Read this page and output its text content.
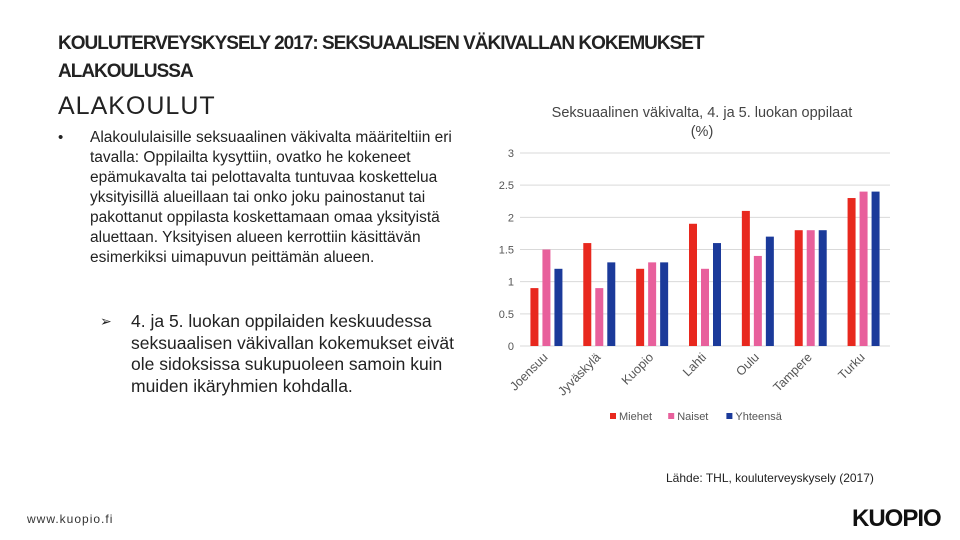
KOULUTERVEYSKYSELY 2017: SEKSUAALISEN VÄKIVALLAN KOKEMUKSET ALAKOULUSSA
ALAKOULUT
• Alakoululaisille seksuaalinen väkivalta määriteltiin eri tavalla: Oppilailta kysyttiin, ovatko he kokeneet epämukavalta tai pelottavalta tuntuvaa koskettelua yksityisillä alueillaan tai onko joku painostanut tai pakottanut oppilasta koskettamaan omaa yksityistä aluettaan. Yksityisen alueen kerrottiin käsittävän esimerkiksi uimapuvun peittämän alueen.
➢ 4. ja 5. luokan oppilaiden keskuudessa seksuaalisen väkivallan kokemukset eivät ole sidoksissa sukupuoleen samoin kuin muiden ikäryhmien kohdalla.
Seksuaalinen väkivalta, 4. ja 5. luokan oppilaat (%)
0
0.5
1
1.5
2
2.5
3
Joensuu Jyväskylä Kuopio Lahti Oulu Tampere Turku
Miehet Naiset Yhteensä
Lähde: THL, kouluterveyskysely (2017)
www.kuopio.fi	KUOPIO
